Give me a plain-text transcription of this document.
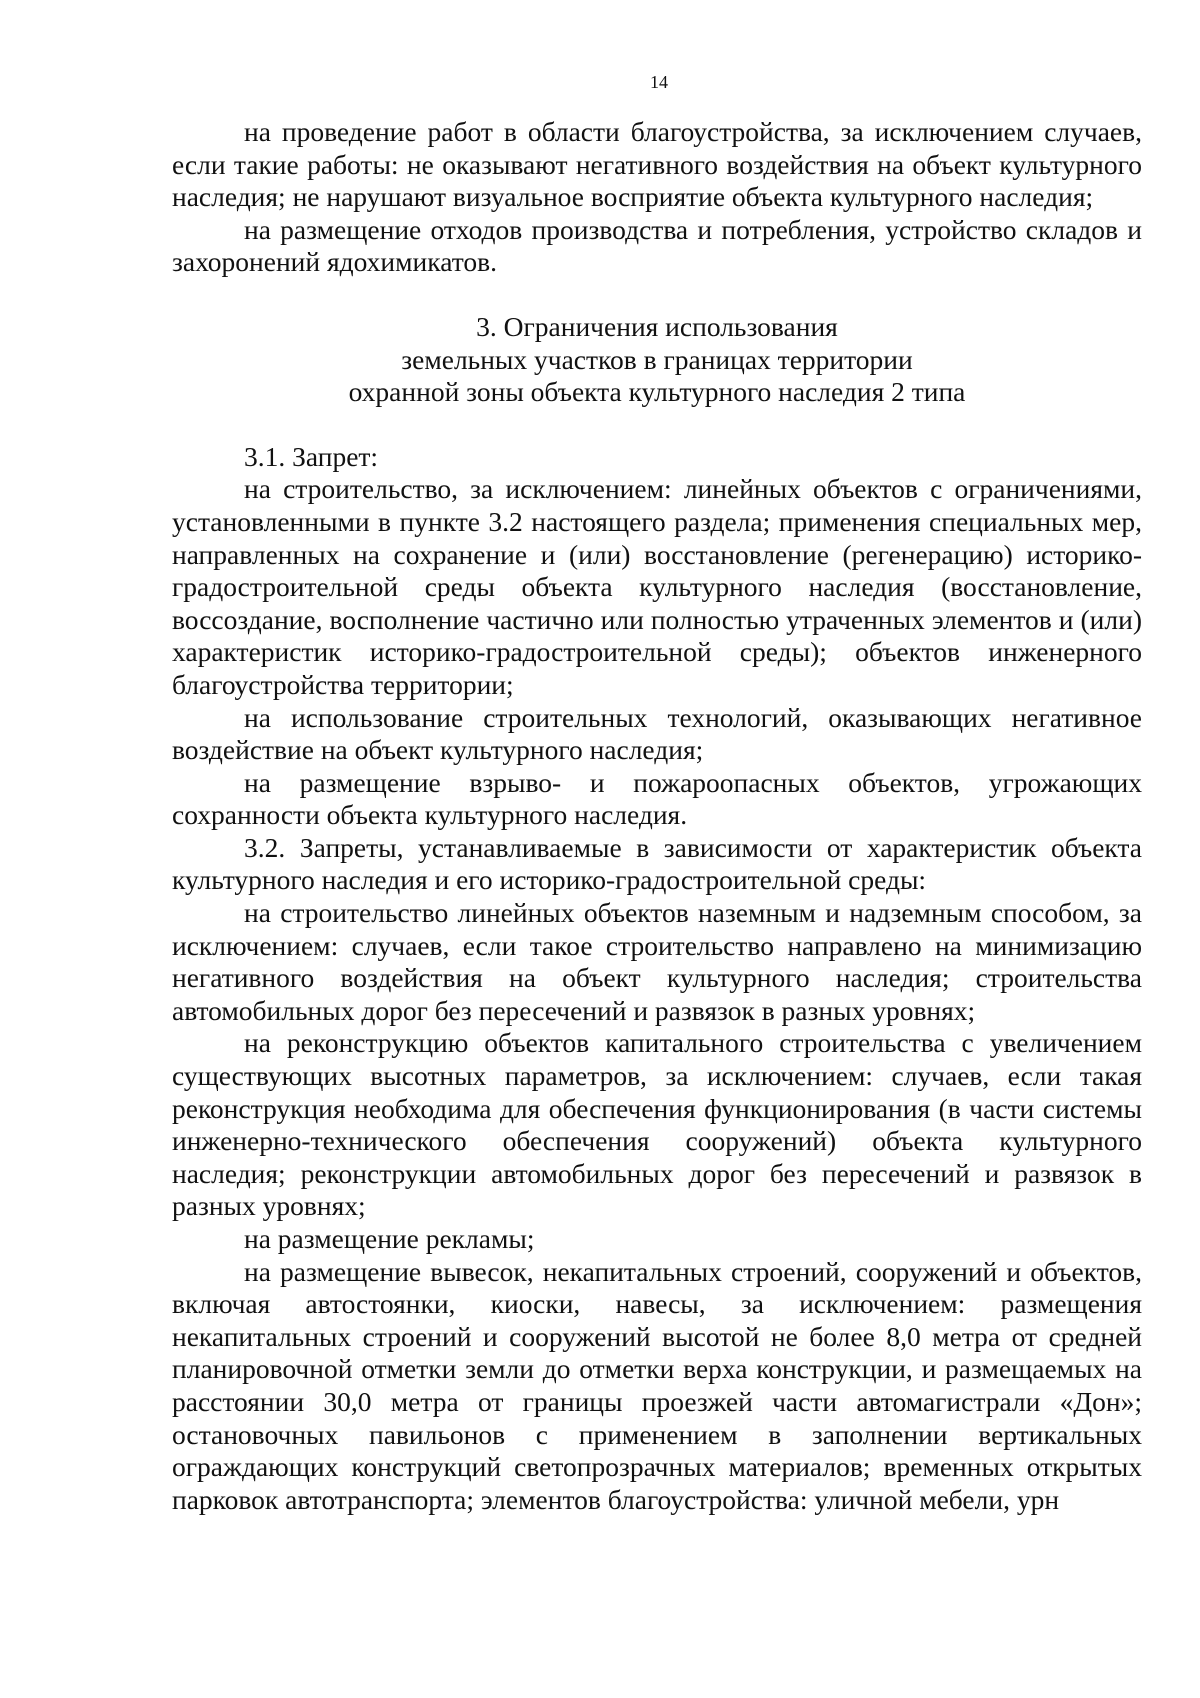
14

на проведение работ в области благоустройства, за исключением случаев, если такие работы: не оказывают негативного воздействия на объект культурного наследия; не нарушают визуальное восприятие объекта культурного наследия;

на размещение отходов производства и потребления, устройство складов и захоронений ядохимикатов.

3. Ограничения использования
земельных участков в границах территории
охранной зоны объекта культурного наследия 2 типа

3.1. Запрет:

на строительство, за исключением: линейных объектов с ограничениями, установленными в пункте 3.2 настоящего раздела; применения специальных мер, направленных на сохранение и (или) восстановление (регенерацию) историко-градостроительной среды объекта культурного наследия (восстановление, воссоздание, восполнение частично или полностью утраченных элементов и (или) характеристик историко-градостроительной среды); объектов инженерного благоустройства территории;

на использование строительных технологий, оказывающих негативное воздействие на объект культурного наследия;

на размещение взрыво- и пожароопасных объектов, угрожающих сохранности объекта культурного наследия.

3.2. Запреты, устанавливаемые в зависимости от характеристик объекта культурного наследия и его историко-градостроительной среды:

на строительство линейных объектов наземным и надземным способом, за исключением: случаев, если такое строительство направлено на минимизацию негативного воздействия на объект культурного наследия; строительства автомобильных дорог без пересечений и развязок в разных уровнях;

на реконструкцию объектов капитального строительства с увеличением существующих высотных параметров, за исключением: случаев, если такая реконструкция необходима для обеспечения функционирования (в части системы инженерно-технического обеспечения сооружений) объекта культурного наследия; реконструкции автомобильных дорог без пересечений и развязок в разных уровнях;

на размещение рекламы;

на размещение вывесок, некапитальных строений, сооружений и объектов, включая автостоянки, киоски, навесы, за исключением: размещения некапитальных строений и сооружений высотой не более 8,0 метра от средней планировочной отметки земли до отметки верха конструкции, и размещаемых на расстоянии 30,0 метра от границы проезжей части автомагистрали «Дон»; остановочных павильонов с применением в заполнении вертикальных ограждающих конструкций светопрозрачных материалов; временных открытых парковок автотранспорта; элементов благоустройства: уличной мебели, урн
